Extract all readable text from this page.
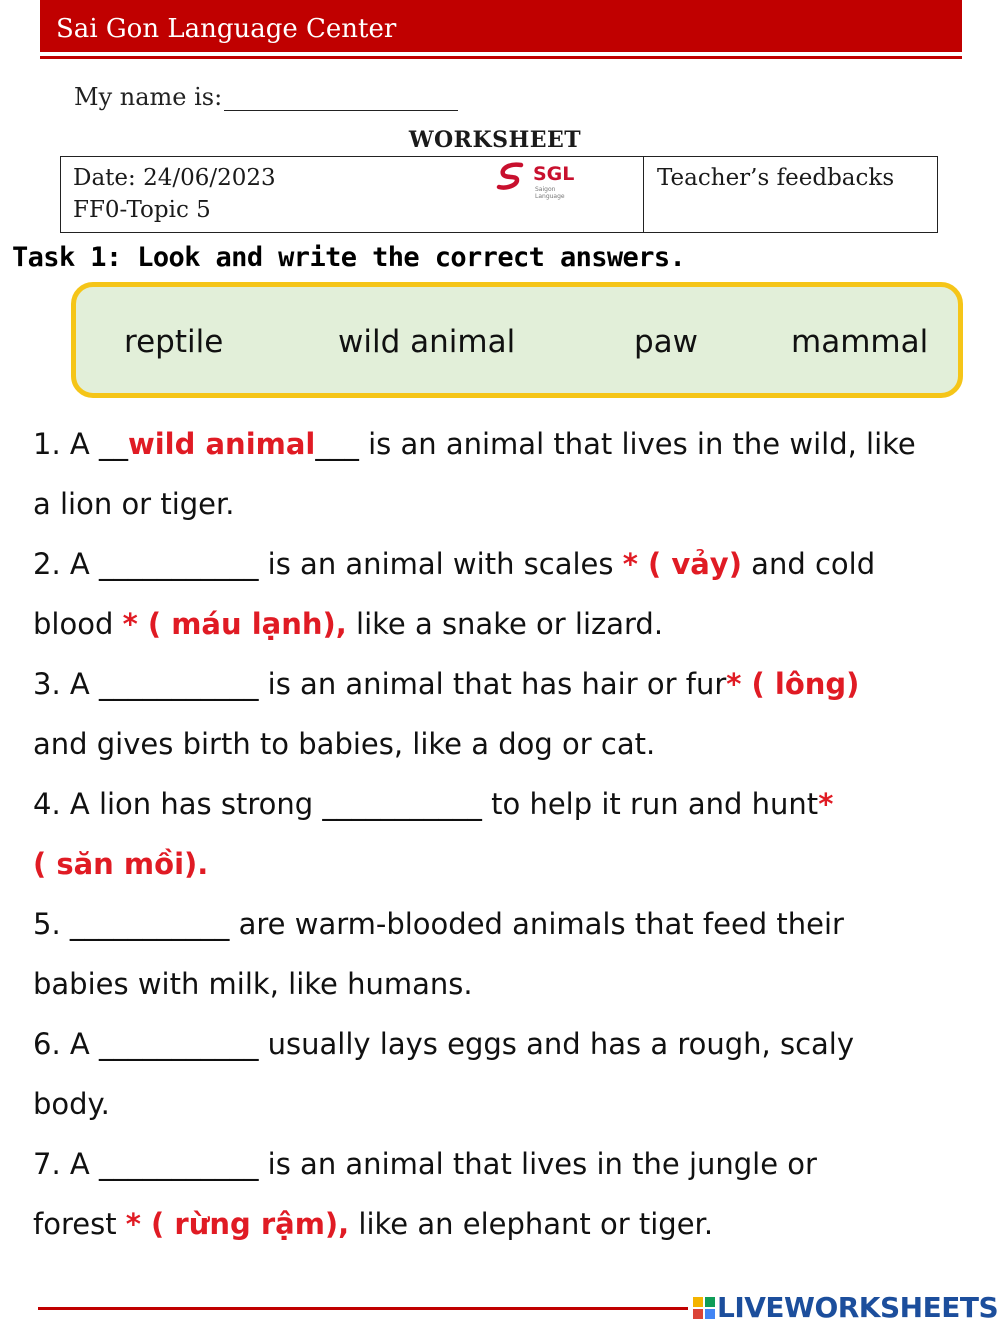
Sai Gon Language Center
My name is:
WORKSHEET
Date: 24/06/2023
FF0-Topic 5
SGL
Saigon Language
Teacher’s feedbacks
Task 1: Look and write the correct answers.
reptile	wild animal	paw	mammal
1. A __wild animal___ is an animal that lives in the wild, like
a lion or tiger.
2. A ___________ is an animal with scales * ( vảy) and cold
blood * ( máu lạnh), like a snake or lizard.
3. A ___________ is an animal that has hair or fur* ( lông)
and gives birth to babies, like a dog or cat.
4. A lion has strong ___________ to help it run and hunt*
( săn mồi).
5. ___________ are warm-blooded animals that feed their
babies with milk, like humans.
6. A ___________ usually lays eggs and has a rough, scaly
body.
7. A ___________ is an animal that lives in the jungle or
forest * ( rừng rậm), like an elephant or tiger.
LIVEWORKSHEETS
